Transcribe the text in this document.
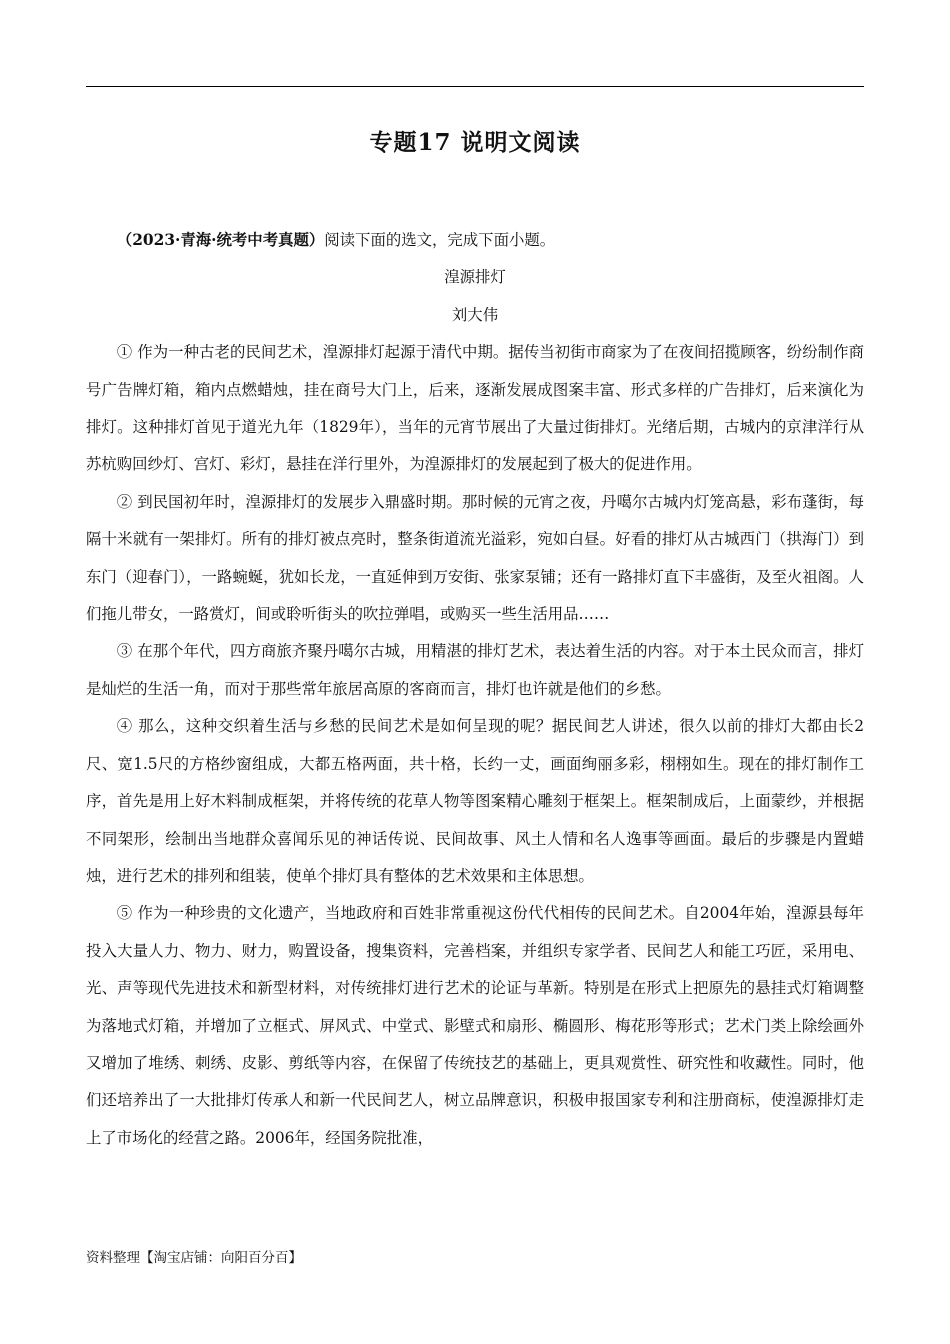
专题17 说明文阅读

（2023·青海·统考中考真题）阅读下面的选文，完成下面小题。

湟源排灯

刘大伟

① 作为一种古老的民间艺术，湟源排灯起源于清代中期。据传当初街市商家为了在夜间招揽顾客，纷纷制作商号广告牌灯箱，箱内点燃蜡烛，挂在商号大门上，后来，逐渐发展成图案丰富、形式多样的广告排灯，后来演化为排灯。这种排灯首见于道光九年（1829年），当年的元宵节展出了大量过街排灯。光绪后期，古城内的京津洋行从苏杭购回纱灯、宫灯、彩灯，悬挂在洋行里外，为湟源排灯的发展起到了极大的促进作用。

② 到民国初年时，湟源排灯的发展步入鼎盛时期。那时候的元宵之夜，丹噶尔古城内灯笼高悬，彩布蓬街，每隔十米就有一架排灯。所有的排灯被点亮时，整条街道流光溢彩，宛如白昼。好看的排灯从古城西门（拱海门）到东门（迎春门），一路蜿蜒，犹如长龙，一直延伸到万安街、张家泵铺；还有一路排灯直下丰盛街，及至火祖阁。人们拖儿带女，一路赏灯，间或聆听街头的吹拉弹唱，或购买一些生活用品……

③ 在那个年代，四方商旅齐聚丹噶尔古城，用精湛的排灯艺术，表达着生活的内容。对于本土民众而言，排灯是灿烂的生活一角，而对于那些常年旅居高原的客商而言，排灯也许就是他们的乡愁。

④ 那么，这种交织着生活与乡愁的民间艺术是如何呈现的呢？据民间艺人讲述，很久以前的排灯大都由长2尺、宽1.5尺的方格纱窗组成，大都五格两面，共十格，长约一丈，画面绚丽多彩，栩栩如生。现在的排灯制作工序，首先是用上好木料制成框架，并将传统的花草人物等图案精心雕刻于框架上。框架制成后，上面蒙纱，并根据不同架形，绘制出当地群众喜闻乐见的神话传说、民间故事、风土人情和名人逸事等画面。最后的步骤是内置蜡烛，进行艺术的排列和组装，使单个排灯具有整体的艺术效果和主体思想。

⑤ 作为一种珍贵的文化遗产，当地政府和百姓非常重视这份代代相传的民间艺术。自2004年始，湟源县每年投入大量人力、物力、财力，购置设备，搜集资料，完善档案，并组织专家学者、民间艺人和能工巧匠，采用电、光、声等现代先进技术和新型材料，对传统排灯进行艺术的论证与革新。特别是在形式上把原先的悬挂式灯箱调整为落地式灯箱，并增加了立框式、屏风式、中堂式、影壁式和扇形、椭圆形、梅花形等形式；艺术门类上除绘画外又增加了堆绣、刺绣、皮影、剪纸等内容，在保留了传统技艺的基础上，更具观赏性、研究性和收藏性。同时，他们还培养出了一大批排灯传承人和新一代民间艺人，树立品牌意识，积极申报国家专利和注册商标，使湟源排灯走上了市场化的经营之路。2006年，经国务院批准，

资料整理【淘宝店铺：向阳百分百】
